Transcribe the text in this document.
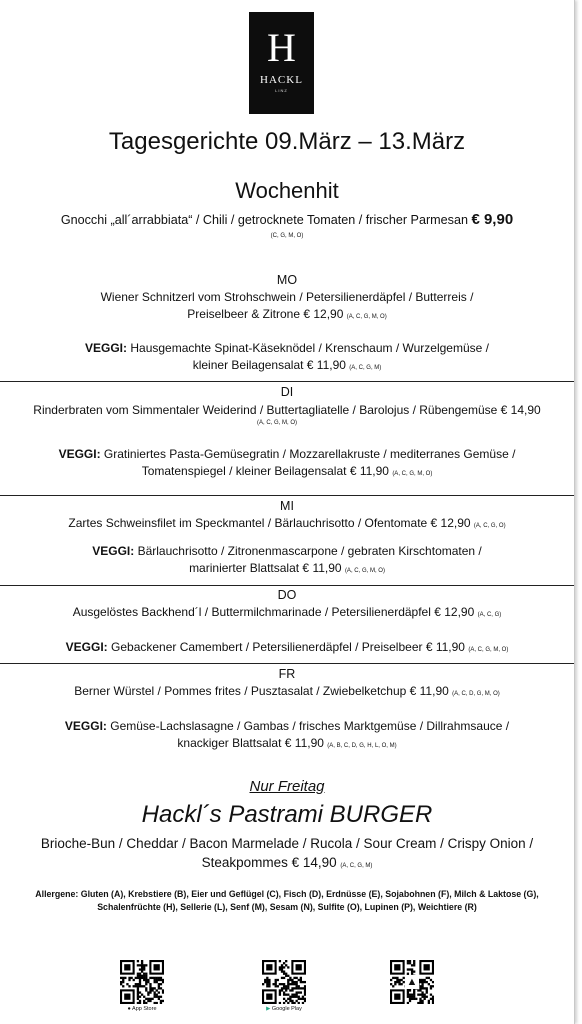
H
HACKL
LINZ
Tagesgerichte 09.März – 13.März
Wochenhit
Gnocchi „all´arrabbiata“ / Chili / getrocknete Tomaten / frischer Parmesan € 9,90
(C, G, M, O)
MO
Wiener Schnitzerl vom Strohschwein / Petersilienerdäpfel / Butterreis /
Preiselbeer & Zitrone € 12,90 (A, C, G, M, O)
VEGGI: Hausgemachte Spinat-Käseknödel / Krenschaum / Wurzelgemüse /
kleiner Beilagensalat € 11,90 (A, C, G, M)
DI
Rinderbraten vom Simmentaler Weiderind / Buttertagliatelle / Barolojus / Rübengemüse € 14,90
(A, C, G, M, O)
VEGGI: Gratiniertes Pasta-Gemüsegratin / Mozzarellakruste / mediterranes Gemüse /
Tomatenspiegel / kleiner Beilagensalat € 11,90 (A, C, G, M, O)
MI
Zartes Schweinsfilet im Speckmantel / Bärlauchrisotto / Ofentomate € 12,90 (A, C, G, O)
VEGGI: Bärlauchrisotto / Zitronenmascarpone / gebraten Kirschtomaten /
marinierter Blattsalat € 11,90 (A, C, G, M, O)
DO
Ausgelöstes Backhend´l / Buttermilchmarinade / Petersilienerdäpfel € 12,90 (A, C, G)
VEGGI: Gebackener Camembert / Petersilienerdäpfel / Preiselbeer € 11,90 (A, C, G, M, O)
FR
Berner Würstel / Pommes frites / Pusztasalat / Zwiebelketchup € 11,90 (A, C, D, G, M, O)
VEGGI: Gemüse-Lachslasagne / Gambas / frisches Marktgemüse / Dillrahmsauce /
knackiger Blattsalat € 11,90 (A, B, C, D, G, H, L, O, M)
Nur Freitag
Hackl´s Pastrami BURGER
Brioche-Bun / Cheddar / Bacon Marmelade / Rucola / Sour Cream / Crispy Onion /
Steakpommes € 14,90 (A, C, G, M)
Allergene: Gluten (A), Krebstiere (B), Eier und Geflügel (C), Fisch (D), Erdnüsse (E), Sojabohnen (F), Milch & Laktose (G),
Schalenfrüchte (H), Sellerie (L), Senf (M), Sesam (N), Sulfite (O), Lupinen (P), Weichtiere (R)
● App Store	▶ Google Play
▲
